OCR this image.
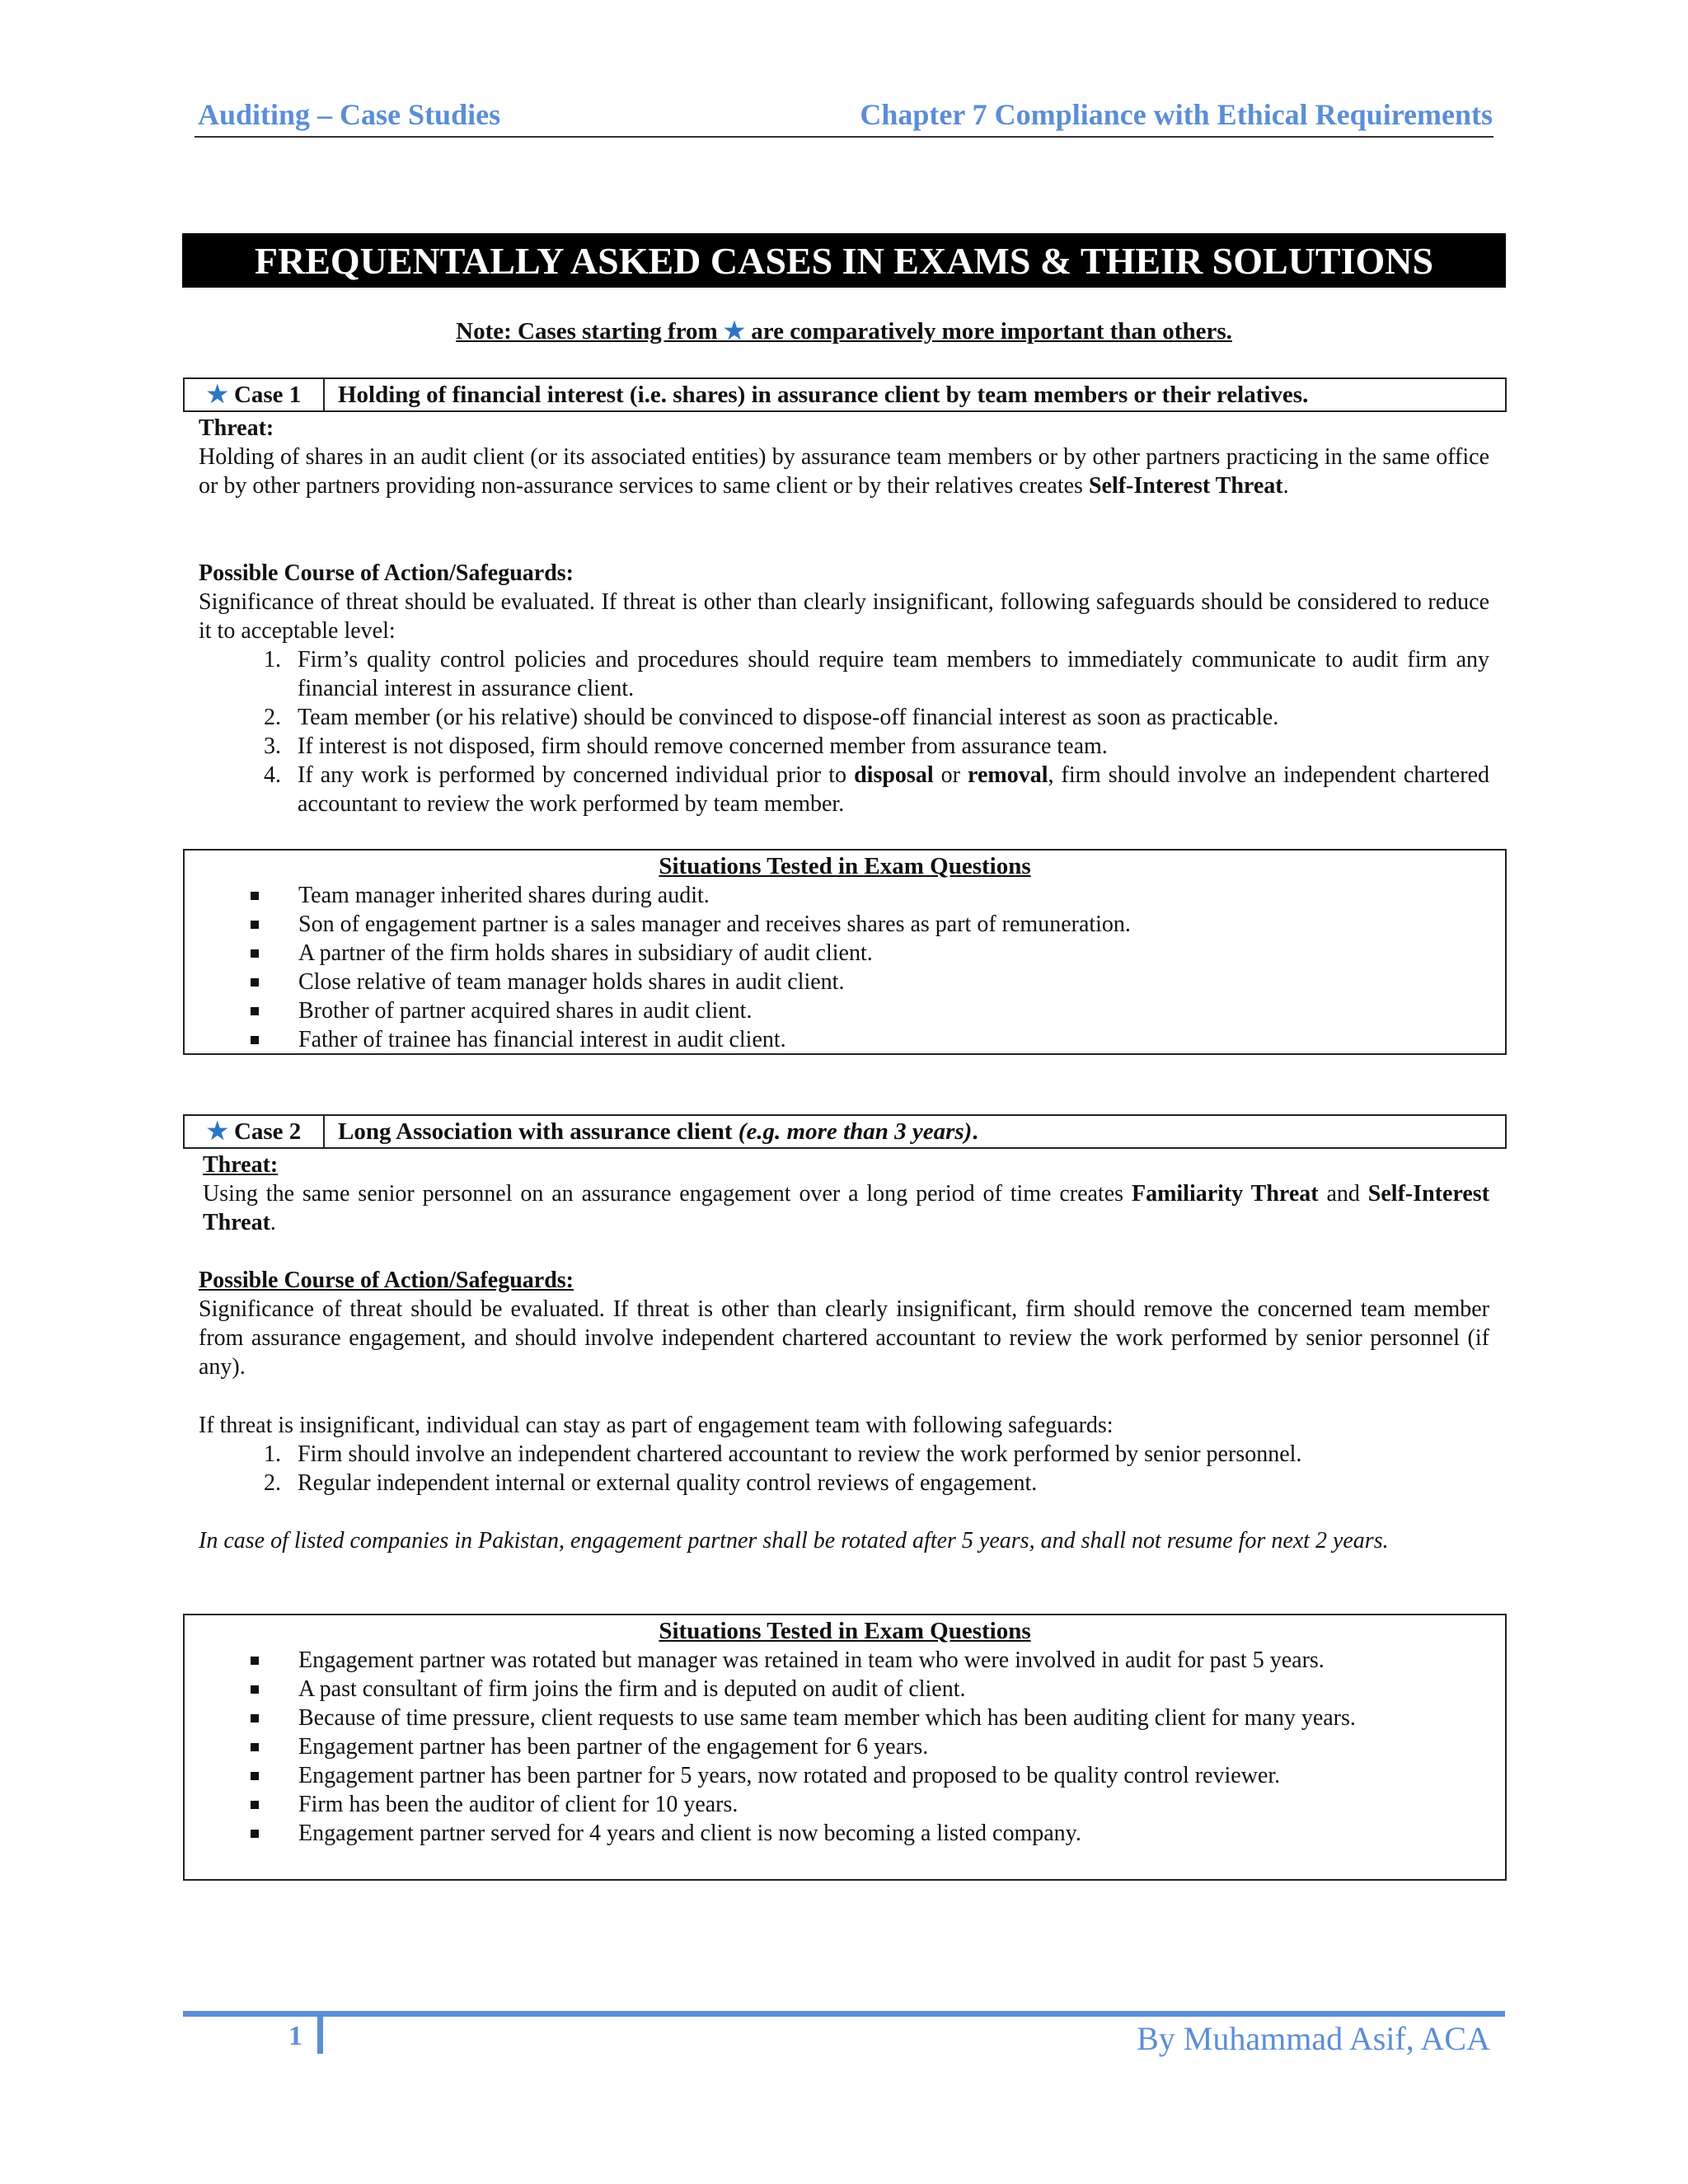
Auditing – Case Studies	Chapter 7 Compliance with Ethical Requirements
FREQUENTALLY ASKED CASES IN EXAMS & THEIR SOLUTIONS
Note: Cases starting from ★ are comparatively more important than others.
★ Case 1	Holding of financial interest (i.e. shares) in assurance client by team members or their relatives.
Threat:
Holding of shares in an audit client (or its associated entities) by assurance team members or by other partners practicing in the same office or by other partners providing non-assurance services to same client or by their relatives creates Self-Interest Threat.
Possible Course of Action/Safeguards:
Significance of threat should be evaluated. If threat is other than clearly insignificant, following safeguards should be considered to reduce it to acceptable level:
1. Firm’s quality control policies and procedures should require team members to immediately communicate to audit firm any financial interest in assurance client.
2. Team member (or his relative) should be convinced to dispose-off financial interest as soon as practicable.
3. If interest is not disposed, firm should remove concerned member from assurance team.
4. If any work is performed by concerned individual prior to disposal or removal, firm should involve an independent chartered accountant to review the work performed by team member.
Situations Tested in Exam Questions
Team manager inherited shares during audit.
Son of engagement partner is a sales manager and receives shares as part of remuneration.
A partner of the firm holds shares in subsidiary of audit client.
Close relative of team manager holds shares in audit client.
Brother of partner acquired shares in audit client.
Father of trainee has financial interest in audit client.
★ Case 2	Long Association with assurance client (e.g. more than 3 years).
Threat:
Using the same senior personnel on an assurance engagement over a long period of time creates Familiarity Threat and Self-Interest Threat.
Possible Course of Action/Safeguards:
Significance of threat should be evaluated. If threat is other than clearly insignificant, firm should remove the concerned team member from assurance engagement, and should involve independent chartered accountant to review the work performed by senior personnel (if any).
If threat is insignificant, individual can stay as part of engagement team with following safeguards:
1. Firm should involve an independent chartered accountant to review the work performed by senior personnel.
2. Regular independent internal or external quality control reviews of engagement.
In case of listed companies in Pakistan, engagement partner shall be rotated after 5 years, and shall not resume for next 2 years.
Situations Tested in Exam Questions
Engagement partner was rotated but manager was retained in team who were involved in audit for past 5 years.
A past consultant of firm joins the firm and is deputed on audit of client.
Because of time pressure, client requests to use same team member which has been auditing client for many years.
Engagement partner has been partner of the engagement for 6 years.
Engagement partner has been partner for 5 years, now rotated and proposed to be quality control reviewer.
Firm has been the auditor of client for 10 years.
Engagement partner served for 4 years and client is now becoming a listed company.
1	By Muhammad Asif, ACA
